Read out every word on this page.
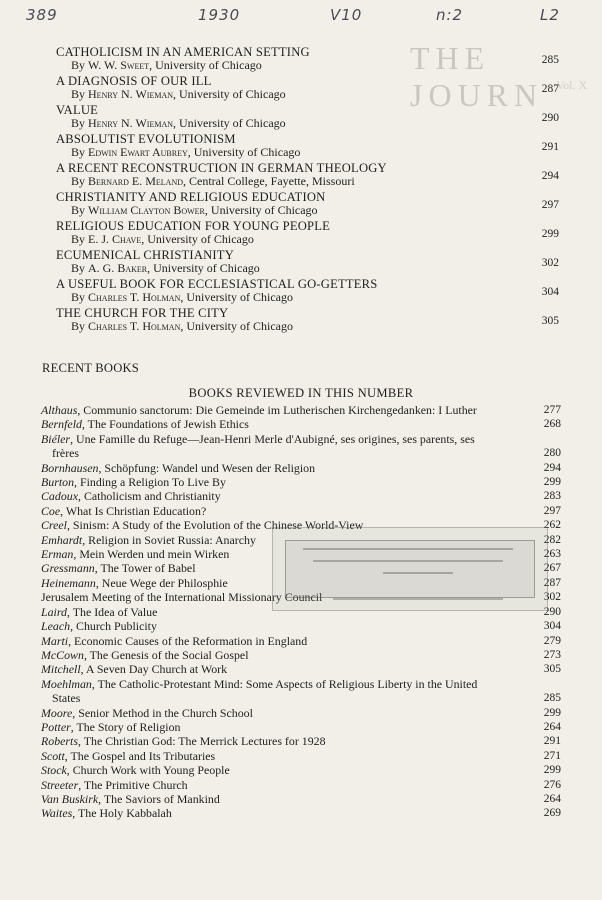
389	1930	V10	n:2	L2
THE JOURN	Vol. X
CATHOLICISM IN AN AMERICAN SETTING
By W. W. Sweet, University of Chicago	285
A DIAGNOSIS OF OUR ILL
By Henry N. Wieman, University of Chicago	287
VALUE
By Henry N. Wieman, University of Chicago	290
ABSOLUTIST EVOLUTIONISM
By Edwin Ewart Aubrey, University of Chicago	291
A RECENT RECONSTRUCTION IN GERMAN THEOLOGY
By Bernard E. Meland, Central College, Fayette, Missouri	294
CHRISTIANITY AND RELIGIOUS EDUCATION
By William Clayton Bower, University of Chicago	297
RELIGIOUS EDUCATION FOR YOUNG PEOPLE
By E. J. Chave, University of Chicago	299
ECUMENICAL CHRISTIANITY
By A. G. Baker, University of Chicago	302
A USEFUL BOOK FOR ECCLESIASTICAL GO-GETTERS
By Charles T. Holman, University of Chicago	304
THE CHURCH FOR THE CITY
By Charles T. Holman, University of Chicago	305
RECENT BOOKS
BOOKS REVIEWED IN THIS NUMBER
Althaus, Communio sanctorum: Die Gemeinde im Lutherischen Kirchengedanken: I Luther	277
Bernfeld, The Foundations of Jewish Ethics	268
Biéler, Une Famille du Refuge—Jean-Henri Merle d'Aubigné, ses origines, ses parents, ses
frères	280
Bornhausen, Schöpfung: Wandel und Wesen der Religion	294
Burton, Finding a Religion To Live By	299
Cadoux, Catholicism and Christianity	283
Coe, What Is Christian Education?	297
Creel, Sinism: A Study of the Evolution of the Chinese World-View	262
Emhardt, Religion in Soviet Russia: Anarchy	282
Erman, Mein Werden und mein Wirken	263
Gressmann, The Tower of Babel	267
Heinemann, Neue Wege der Philosphie	287
Jerusalem Meeting of the International Missionary Council	302
Laird, The Idea of Value	290
Leach, Church Publicity	304
Marti, Economic Causes of the Reformation in England	279
McCown, The Genesis of the Social Gospel	273
Mitchell, A Seven Day Church at Work	305
Moehlman, The Catholic-Protestant Mind: Some Aspects of Religious Liberty in the United
States	285
Moore, Senior Method in the Church School	299
Potter, The Story of Religion	264
Roberts, The Christian God: The Merrick Lectures for 1928	291
Scott, The Gospel and Its Tributaries	271
Stock, Church Work with Young People	299
Streeter, The Primitive Church	276
Van Buskirk, The Saviors of Mankind	264
Waites, The Holy Kabbalah	269
